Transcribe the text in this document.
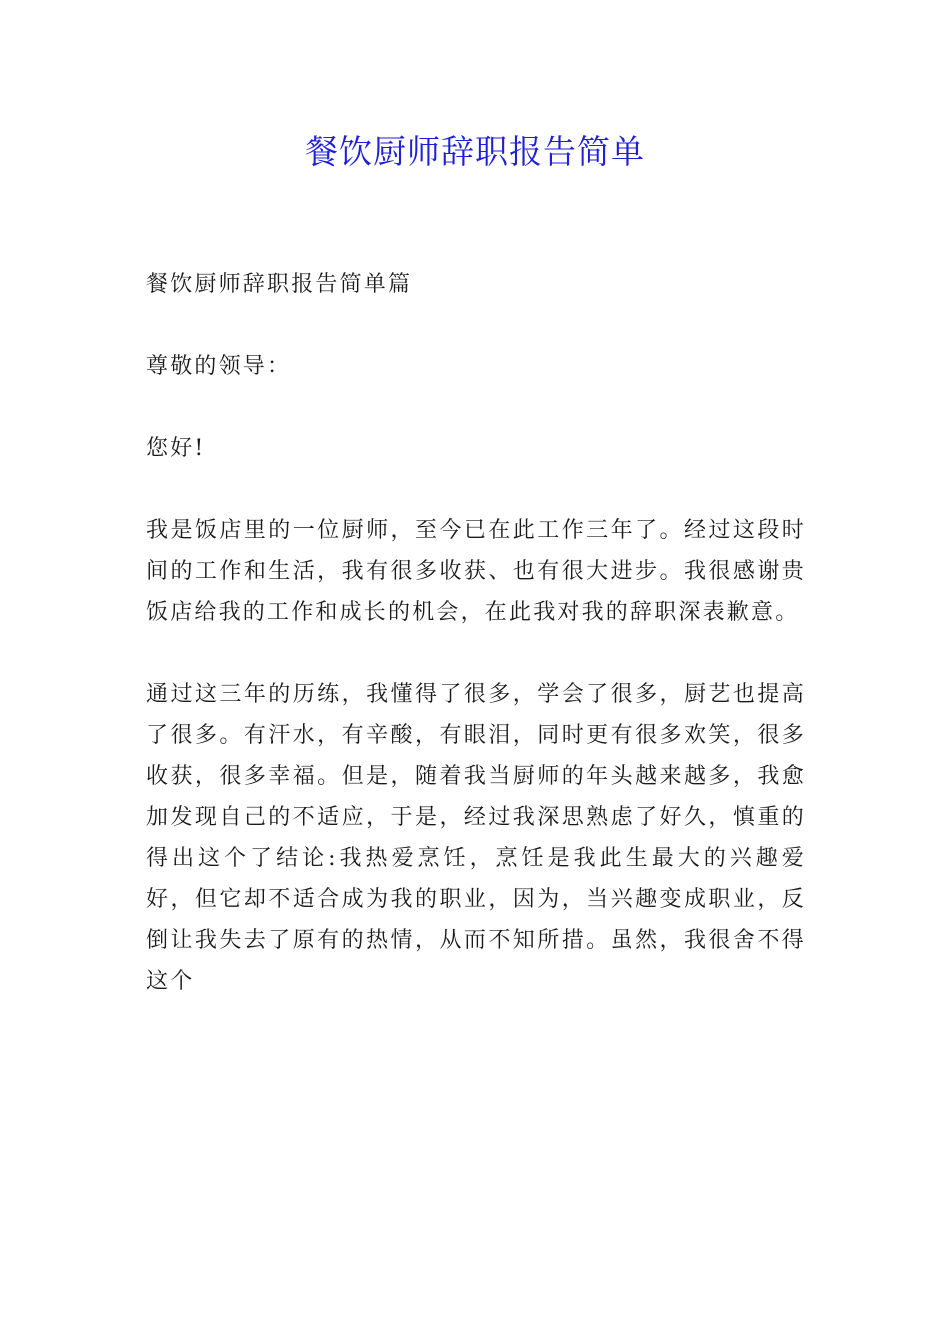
餐饮厨师辞职报告简单

餐饮厨师辞职报告简单篇

尊敬的领导：

您好!

我是饭店里的一位厨师，至今已在此工作三年了。经过这段时间的工作和生活，我有很多收获、也有很大进步。我很感谢贵饭店给我的工作和成长的机会，在此我对我的辞职深表歉意。

通过这三年的历练，我懂得了很多，学会了很多，厨艺也提高了很多。有汗水，有辛酸，有眼泪，同时更有很多欢笑，很多收获，很多幸福。但是，随着我当厨师的年头越来越多，我愈加发现自己的不适应，于是，经过我深思熟虑了好久，慎重的得出这个了结论:我热爱烹饪，烹饪是我此生最大的兴趣爱好，但它却不适合成为我的职业，因为，当兴趣变成职业，反倒让我失去了原有的热情，从而不知所措。虽然，我很舍不得这个
